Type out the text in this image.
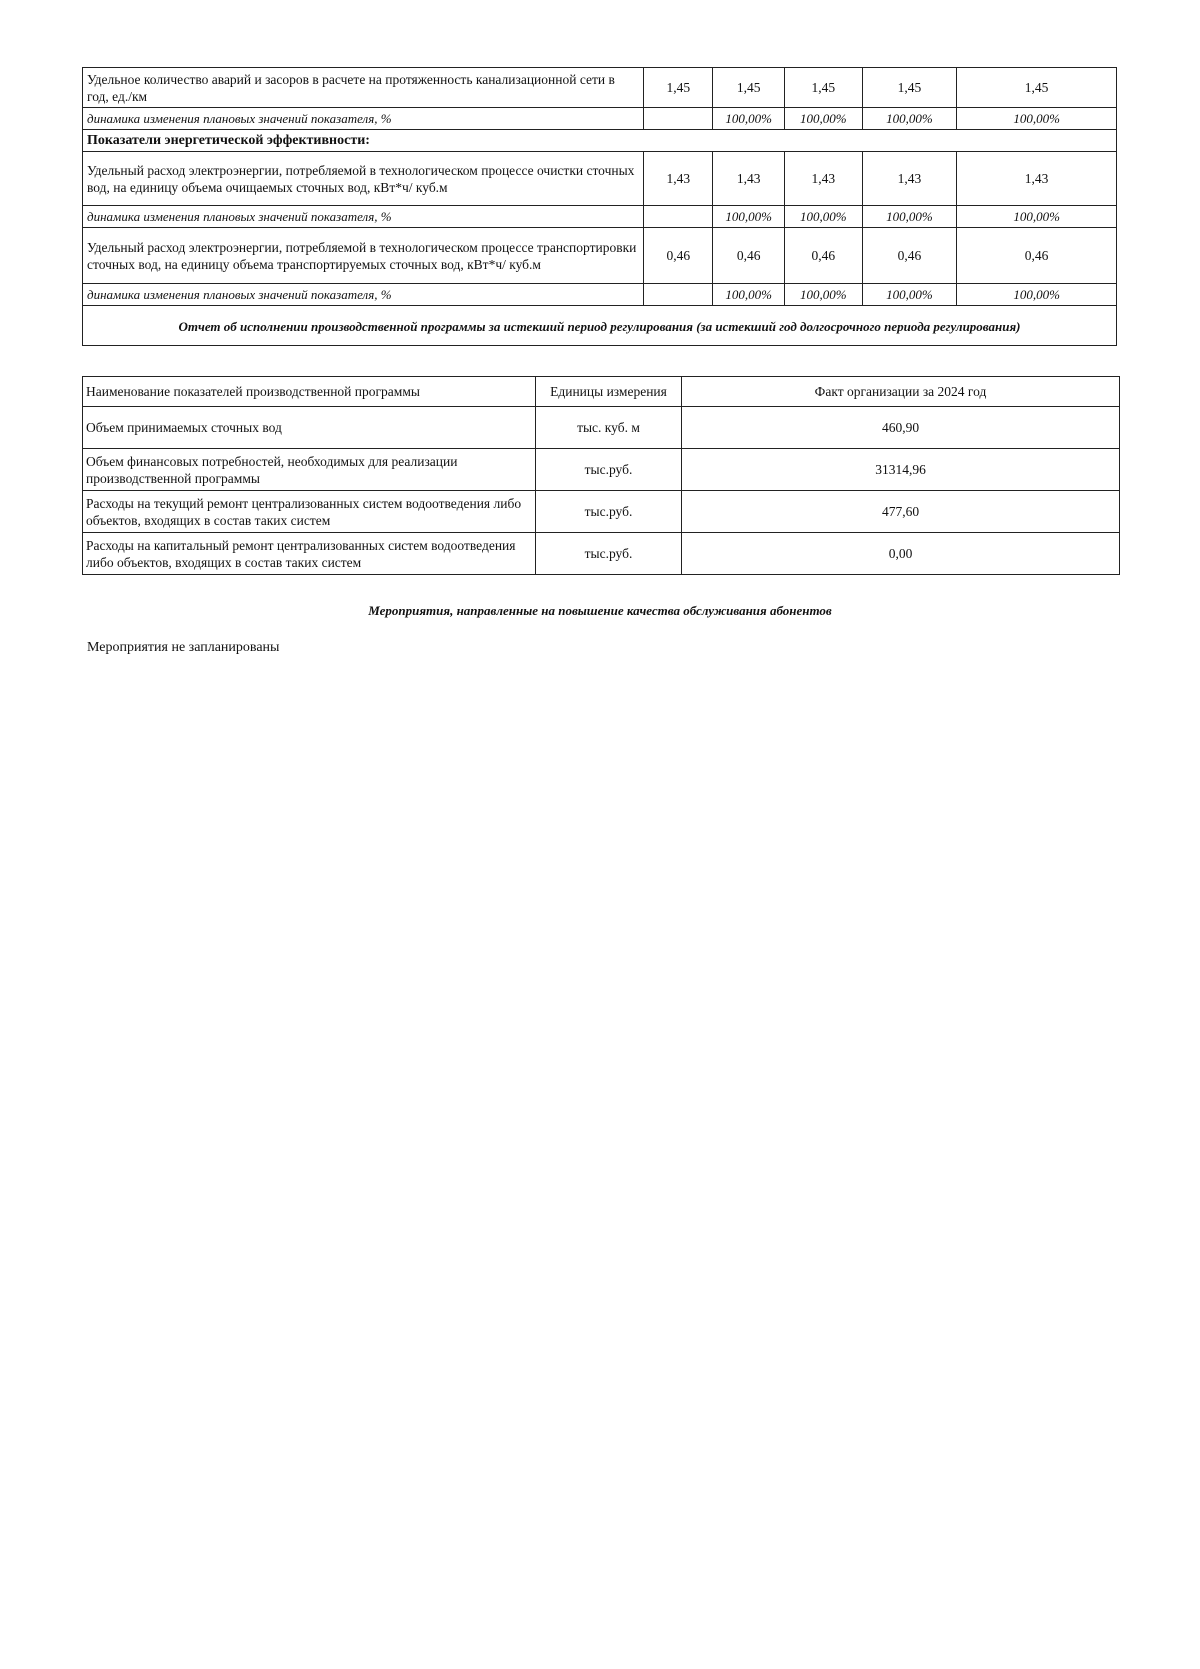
Удельное количество аварий и засоров в расчете на протяженность канализационной сети в год, ед./км	1,45	1,45	1,45	1,45	1,45
динамика изменения плановых значений показателя, %		100,00%	100,00%	100,00%	100,00%
Показатели энергетической эффективности:					
Удельный расход электроэнергии, потребляемой в технологическом процессе очистки сточных вод, на единицу объема очищаемых сточных вод, кВт*ч/ куб.м	1,43	1,43	1,43	1,43	1,43
динамика изменения плановых значений показателя, %		100,00%	100,00%	100,00%	100,00%
Удельный расход электроэнергии, потребляемой в технологическом процессе транспортировки сточных вод, на единицу объема транспортируемых сточных вод, кВт*ч/ куб.м	0,46	0,46	0,46	0,46	0,46
динамика изменения плановых значений показателя, %		100,00%	100,00%	100,00%	100,00%
Отчет об исполнении производственной программы за истекший период регулирования (за истекший год долгосрочного периода регулирования)					
Наименование показателей производственной программы	Единицы измерения	Факт организации за 2024 год
Объем принимаемых сточных вод	тыс. куб. м	460,90
Объем финансовых потребностей, необходимых для реализации производственной программы	тыс.руб.	31314,96
Расходы на текущий ремонт централизованных систем водоотведения либо объектов, входящих в состав таких систем	тыс.руб.	477,60
Расходы на капитальный ремонт централизованных систем водоотведения либо объектов, входящих в состав таких систем	тыс.руб.	0,00
Мероприятия, направленные на повышение качества обслуживания абонентов
Мероприятия не запланированы
